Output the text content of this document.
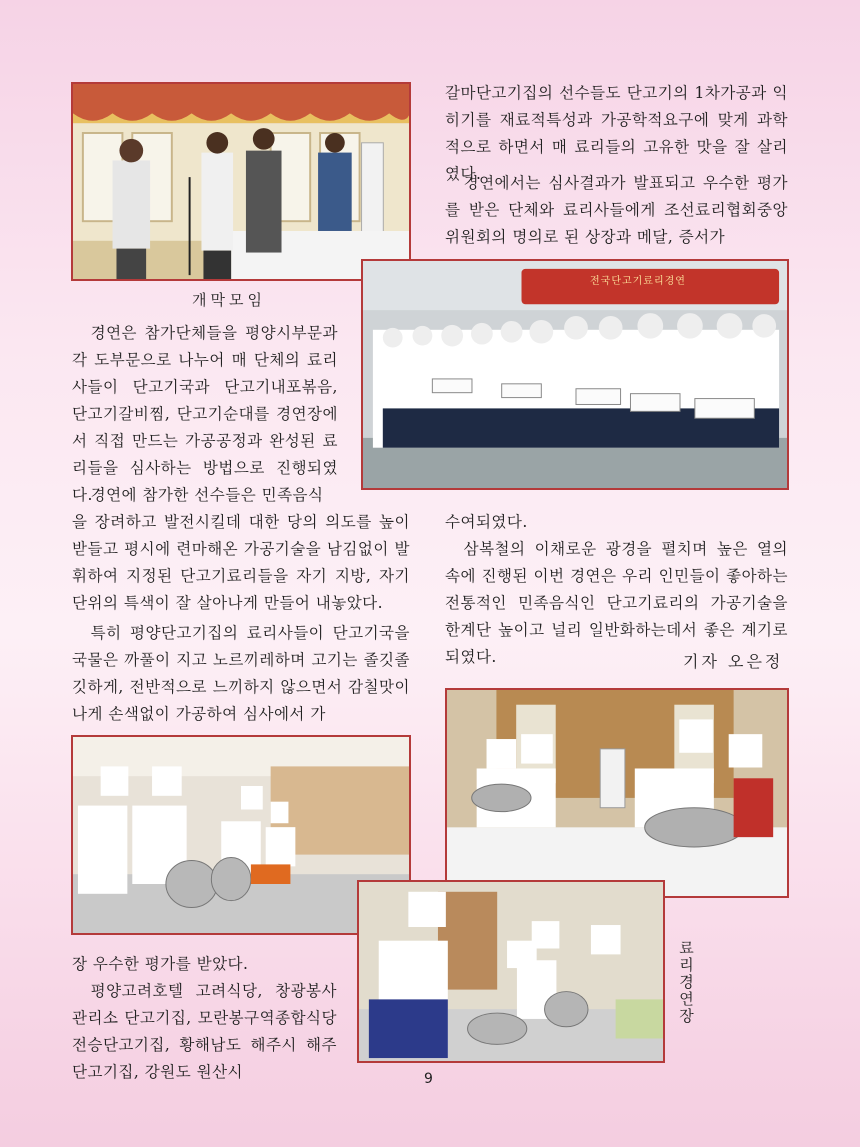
개막모임
전국단고기료리경연

갈마단고기집의 선수들도 단고기의 1차가공과 익히기를 재료적특성과 가공학적요구에 맞게 과학적으로 하면서 매 료리들의 고유한 맛을 잘 살리였다.

경연에서는 심사결과가 발표되고 우수한 평가를 받은 단체와 료리사들에게 조선료리협회중앙위원회의 명의로 된 상장과 메달, 증서가

경연은 참가단체들을 평양시부문과 각 도부문으로 나누어 매 단체의 료리사들이 단고기국과 단고기내포볶음, 단고기갈비찜, 단고기순대를 경연장에서 직접 만드는 가공공정과 완성된 료리들을 심사하는 방법으로 진행되였다.

경연에 참가한 선수들은 민족음식

을 장려하고 발전시킬데 대한 당의 의도를 높이 받들고 평시에 련마해온 가공기술을 남김없이 발휘하여 지정된 단고기료리들을 자기 지방, 자기 단위의 특색이 잘 살아나게 만들어 내놓았다.

특히 평양단고기집의 료리사들이 단고기국을 국물은 까풀이 지고 노르끼레하며 고기는 졸깃졸깃하게, 전반적으로 느끼하지 않으면서 감칠맛이 나게 손색없이 가공하여 심사에서 가

수여되였다.

삼복철의 이채로운 광경을 펼치며 높은 열의 속에 진행된 이번 경연은 우리 인민들이 좋아하는 전통적인 민족음식인 단고기료리의 가공기술을 한계단 높이고 널리 일반화하는데서 좋은 계기로 되였다.	기자 오은정
료리경연장

장 우수한 평가를 받았다.

평양고려호텔 고려식당, 창광봉사관리소 단고기집, 모란봉구역종합식당 전승단고기집, 황해남도 해주시 해주단고기집, 강원도 원산시	9
